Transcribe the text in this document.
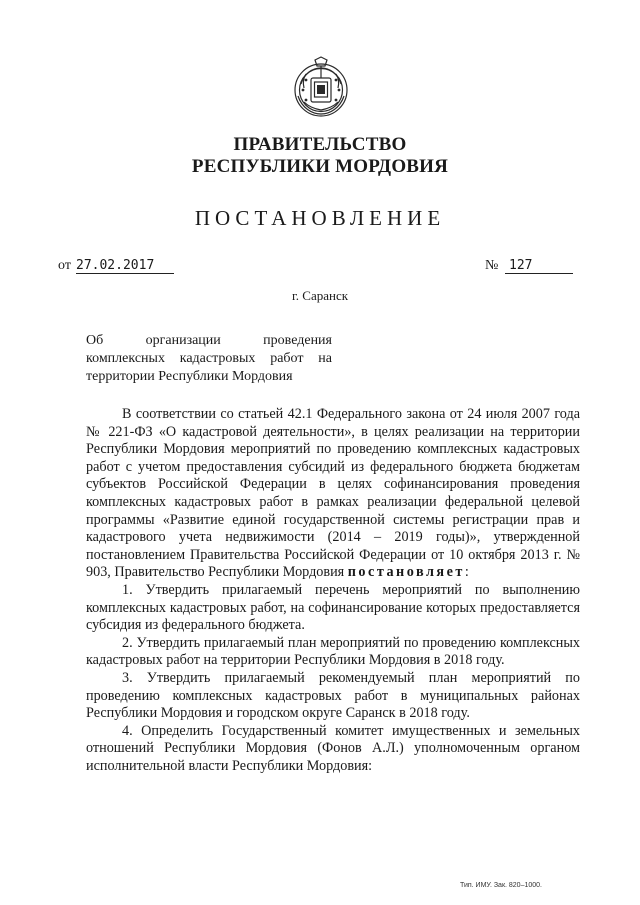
ПРАВИТЕЛЬСТВО
РЕСПУБЛИКИ МОРДОВИЯ
ПОСТАНОВЛЕНИЕ
от 27.02.2017	№ 127
г. Саранск
Об организации проведения
комплексных кадастровых работ на
территории Республики Мордовия

В соответствии со статьей 42.1 Федерального закона от 24 июля 2007 года № 221-ФЗ «О кадастровой деятельности», в целях реализации на территории Республики Мордовия мероприятий по проведению комплексных кадастровых работ с учетом предоставления субсидий из федерального бюджета бюджетам субъектов Российской Федерации в целях софинансирования проведения комплексных кадастровых работ в рамках реализации федеральной целевой программы «Развитие единой государственной системы регистрации прав и кадастрового учета недвижимости (2014 – 2019 годы)», утвержденной постановлением Правительства Российской Федерации от 10 октября 2013 г. № 903, Правительство Республики Мордовия постановляет:

1. Утвердить прилагаемый перечень мероприятий по выполнению комплексных кадастровых работ, на софинансирование которых предоставляется субсидия из федерального бюджета.

2. Утвердить прилагаемый план мероприятий по проведению комплексных кадастровых работ на территории Республики Мордовия в 2018 году.

3. Утвердить прилагаемый рекомендуемый план мероприятий по проведению комплексных кадастровых работ в муниципальных районах Республики Мордовия и городском округе Саранск в 2018 году.

4. Определить Государственный комитет имущественных и земельных отношений Республики Мордовия (Фонов А.Л.) уполномоченным органом исполнительной власти Республики Мордовия:

Тип. ИМУ. Зак. 820–1000.
